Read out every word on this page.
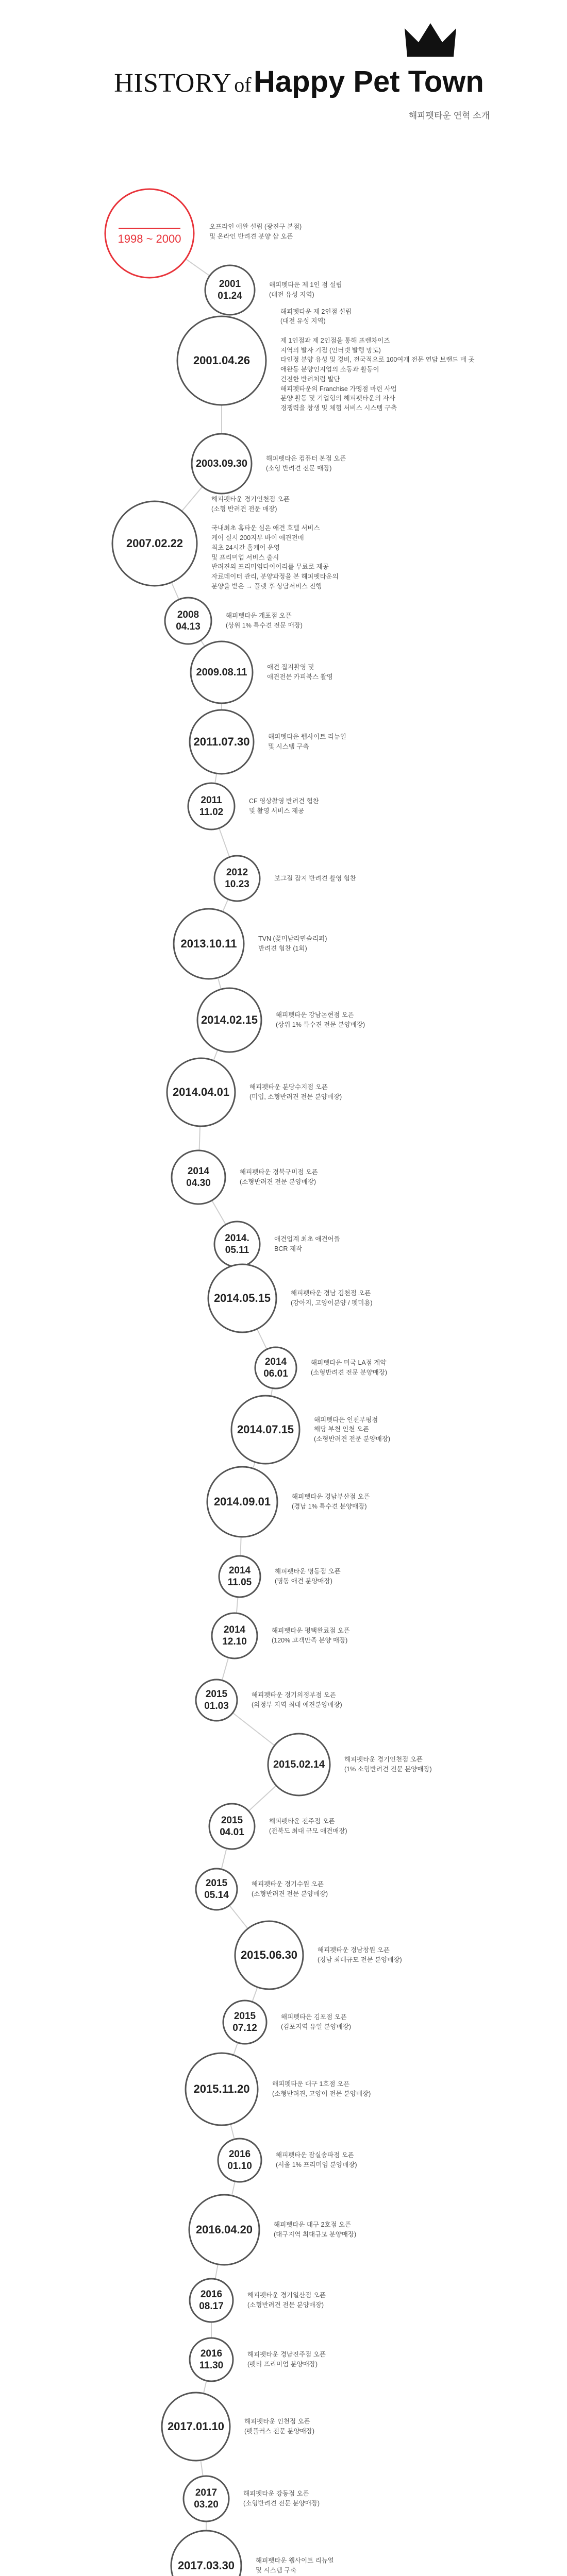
HISTORY of Happy Pet Town
해피펫타운 연혁 소개
1998 ~ 2000
오프라인 애완 설립 (광진구 본점)
및 온라인 반려견 분양 샵 오픈
2001
01.24
해피펫타운 제 1인 점 설립
(대전 유성 지역)
2001.04.26
해피펫타운 제 2인점 설립
(대전 유성 지역)

제 1인점과 제 2인점을 통해 프렌차이즈
지역의 발자 기점 (인터넷 발행 망도)
타인정 분양 유성 및 경비, 전국적으로 100여개 전문 연담 브랜드 매 곳
애완동 분양인지업의 소동과 활동이
건전한 반려처럼 발단
해피펫타운의 Franchise 가맹점 마련 사업
분양 활동 및 기업형의 해피펫타운의 자사
경쟁력을 창생 및 체험 서비스 시스템 구축
2003.09.30	해피펫타운 컴퓨터 본점 오픈
(소형 반려견 전문 매장)
2007.02.22
해피펫타운 경기인천점 오픈
(소형 반려견 전문 매장)

국내최초 홈타운 심은 애견 호텔 서비스
케어 실시 200지부 바이 애견전매
최초 24시간 홈케어 운영
및 프리미엄 서비스 출시
반려견의 프리미엄다이어리를 무료로 제공
자료데이터 관리, 분양과정을 본 해피펫타운의
분양을 받은 → 플랫 후 상담서비스 진행
2008
04.13
해피펫타운 개포점 오픈
(상위 1% 특수견 전문 매장)
2009.08.11	애견 집지활영 및
애견전문 카피북스 촬영
2011.07.30	해피펫타운 웹사이트 리뉴얼
및 시스템 구축
2011
11.02
CF 영상촬영 반려견 협찬
및 촬영 서비스 제공
2012
10.23
보그걸 잡지 반려견 촬영 협찬
2013.10.11	TVN (꽃미남라면슬리퍼)
반려견 협찬 (1회)
2014.02.15	해피펫타운 강남논현점 오픈
(상위 1% 특수견 전문 분양매장)
2014.04.01	해피펫타운 분당수지점 오픈
(미입, 소형반려견 전문 분양매장)
2014
04.30
해피펫타운 경북구미점 오픈
(소형반려견 전문 분양매장)
2014.
05.11
애견업계 최초 애견어플
BCR 제작
2014.05.15	해피펫타운 경남 김천점 오픈
(강아지, 고양이분양 / 펫미용)
2014
06.01
해피펫타운 미국 LA점 계약
(소형반려견 전문 분양매장)
2014.07.15
해피펫타운 인천부평점
해당 부천 인천 오픈
(소형반려견 전문 분양매장)
2014.09.01	해피펫타운 경남부산점 오픈
(경남 1% 특수견 분양매장)
2014
11.05
해피펫타운 명동점 오픈
(명동 애견 분양매장)
2014
12.10
해피펫타운 평택완료점 오픈
(120% 고객만족 분양 매장)
2015
01.03
해피펫타운 경기의정부점 오픈
(의정부 지역 최대 애견분양매장)
2015.02.14	해피펫타운 경기인천점 오픈
(1% 소형반려견 전문 분양매장)
2015
04.01
해피펫타운 전주점 오픈
(전북도 최대 규모 애견매장)
2015
05.14
해피펫타운 경기수원 오픈
(소형반려견 전문 분양매장)
2015.06.30	해피펫타운 경남창원 오픈
(경남 최대규모 전문 분양매장)
2015
07.12
해피펫타운 김포점 오픈
(김포지역 유일 분양매장)
2015.11.20	해피펫타운 대구 1호점 오픈
(소형반려견, 고양이 전문 분양매장)
2016
01.10
해피펫타운 잠실송파점 오픈
(서울 1% 프리미엄 분양매장)
2016.04.20	해피펫타운 대구 2호점 오픈
(대구지역 최대규모 분양매장)
2016
08.17
해피펫타운 경기일산점 오픈
(소형반려견 전문 분양매장)
2016
11.30
해피펫타운 경남진주점 오픈
(펫티 프리미엄 분양매장)
2017.01.10	해피펫타운 인천점 오픈
(펫플러스 전문 분양매장)
2017
03.20
해피펫타운 강동점 오픈
(소형반려견 전문 분양매장)
2017.03.30	해피펫타운 웹사이트 리뉴얼
및 시스템 구축
